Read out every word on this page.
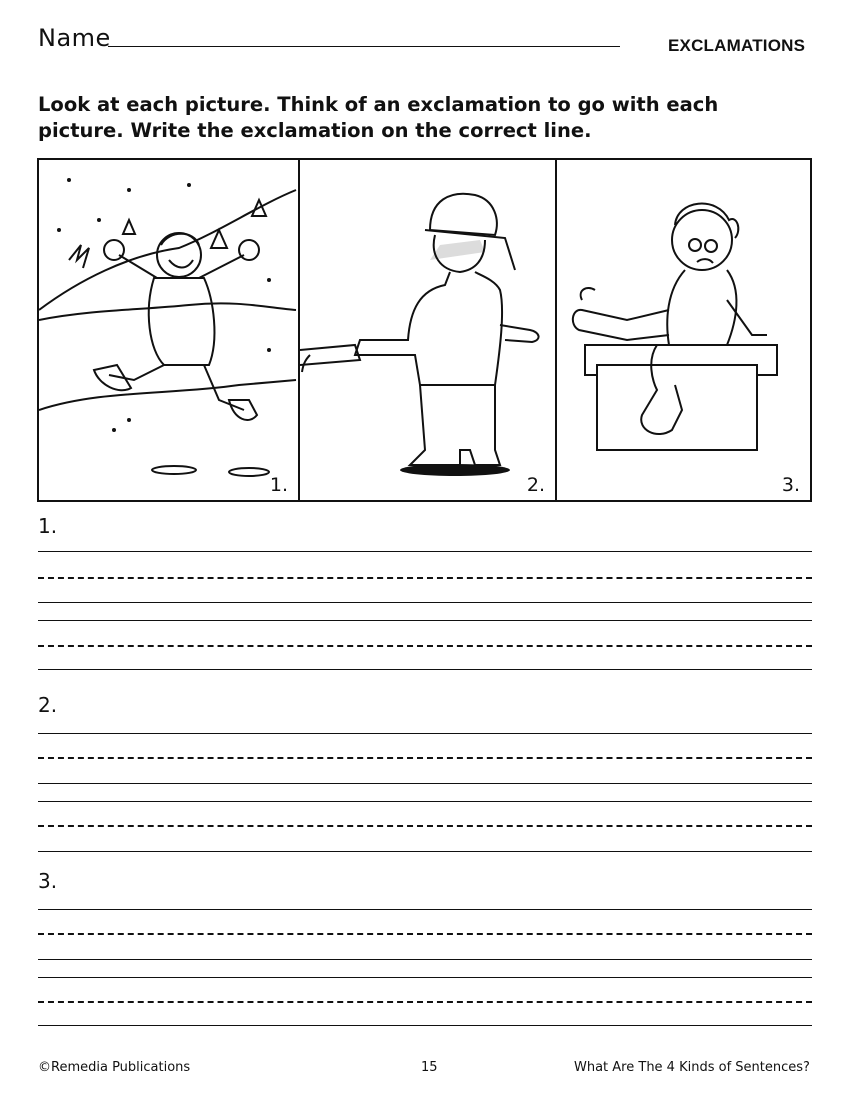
Name	EXCLAMATIONS
Look at each picture. Think of an exclamation to go with each picture. Write the exclamation on the correct line.
1.	2.	3.
1.
2.
3.
©Remedia Publications	15	What Are The 4 Kinds of Sentences?
